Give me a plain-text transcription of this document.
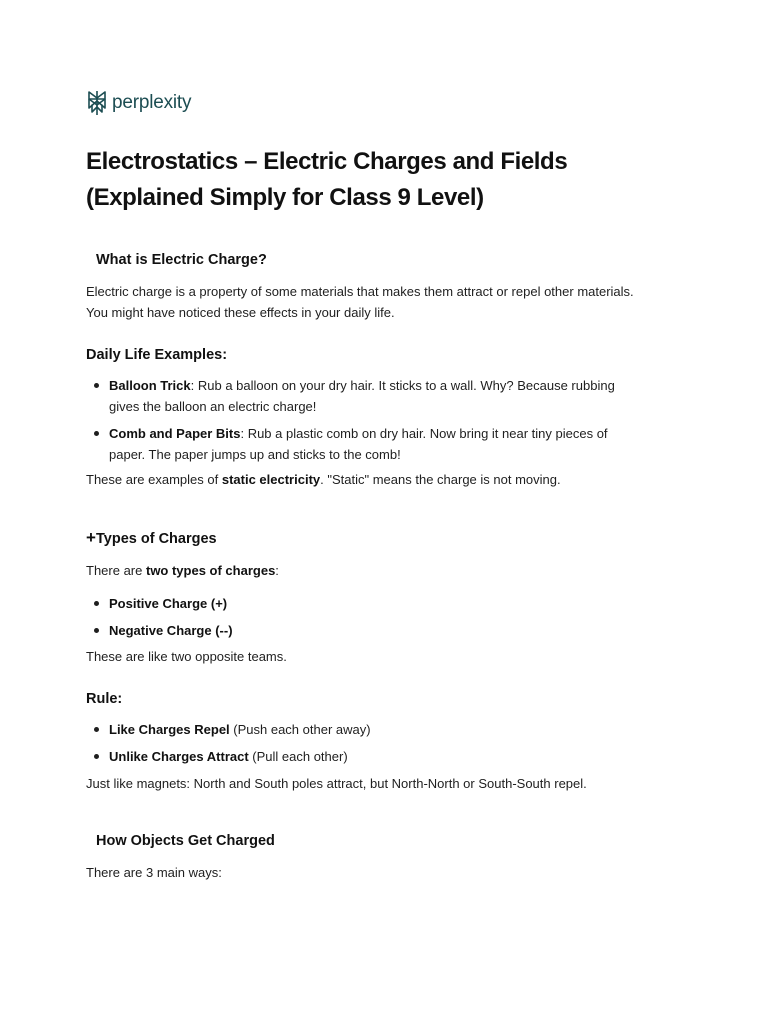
perplexity
Electrostatics – Electric Charges and Fields
(Explained Simply for Class 9 Level)
What is Electric Charge?

Electric charge is a property of some materials that makes them attract or repel other materials.
You might have noticed these effects in your daily life.

Daily Life Examples:
Balloon Trick: Rub a balloon on your dry hair. It sticks to a wall. Why? Because rubbing
gives the balloon an electric charge!
Comb and Paper Bits: Rub a plastic comb on dry hair. Now bring it near tiny pieces of
paper. The paper jumps up and sticks to the comb!

These are examples of static electricity. "Static" means the charge is not moving.

+Types of Charges

There are two types of charges:

Positive Charge (+)
Negative Charge (--)

These are like two opposite teams.

Rule:
Like Charges Repel (Push each other away)
Unlike Charges Attract (Pull each other)

Just like magnets: North and South poles attract, but North-North or South-South repel.

How Objects Get Charged

There are 3 main ways:
